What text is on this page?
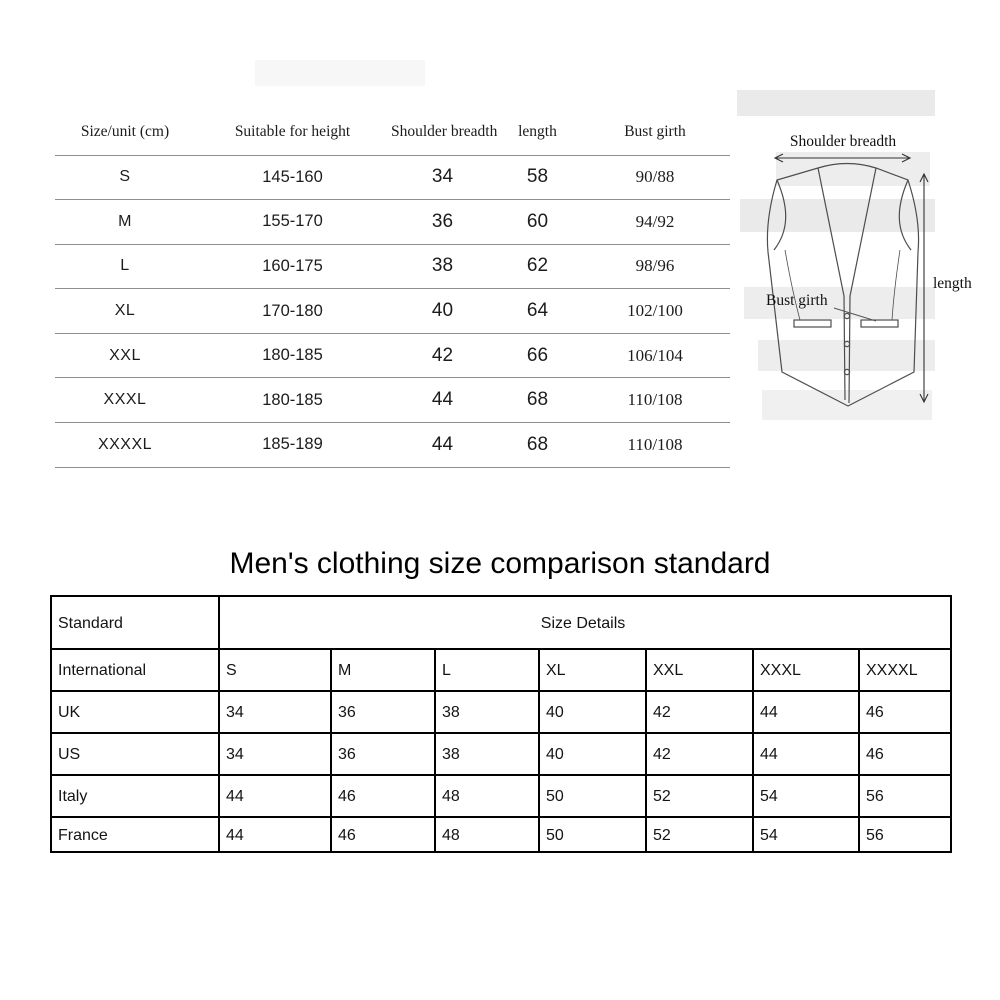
Size/unit (cm)	Suitable for height	Shoulder breadth	length	Bust girth
S	145-160	34	58	90/88
M	155-170	36	60	94/92
L	160-175	38	62	98/96
XL	170-180	40	64	102/100
XXL	180-185	42	66	106/104
XXXL	180-185	44	68	110/108
XXXXL	185-189	44	68	110/108
Shoulder breadth
length
Bust girth
Men's clothing size comparison standard
Standard	Size Details						
International	S	M	L	XL	XXL	XXXL	XXXXL
UK	34	36	38	40	42	44	46
US	34	36	38	40	42	44	46
Italy	44	46	48	50	52	54	56
France	44	46	48	50	52	54	56
